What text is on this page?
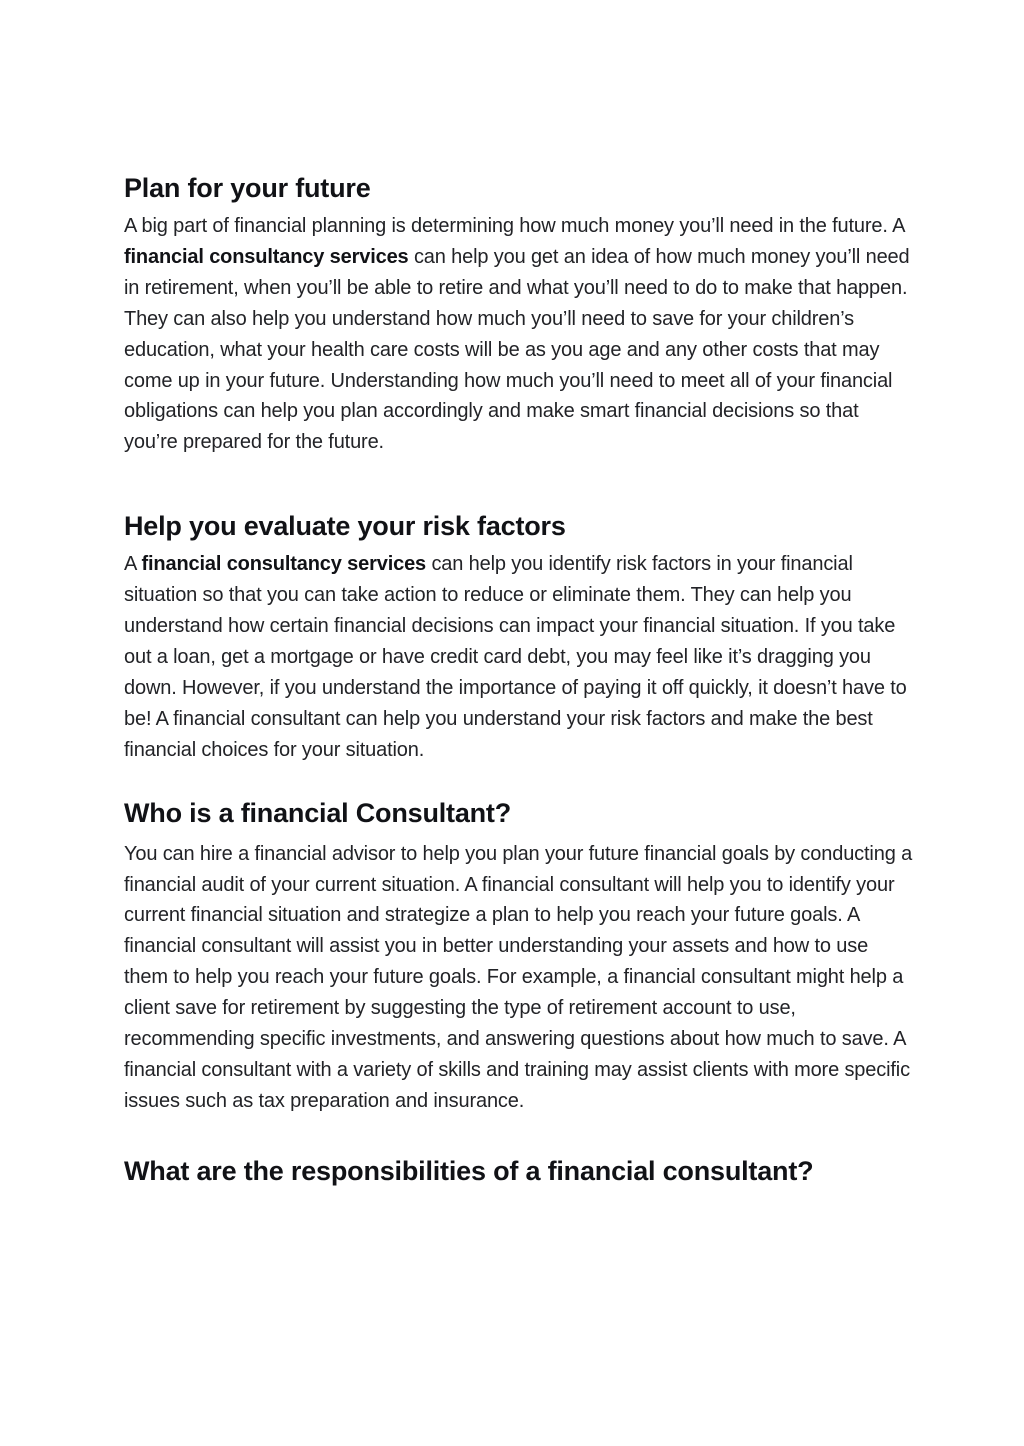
Plan for your future

A big part of financial planning is determining how much money you’ll need in the future. A financial consultancy services can help you get an idea of how much money you’ll need in retirement, when you’ll be able to retire and what you’ll need to do to make that happen. They can also help you understand how much you’ll need to save for your children’s education, what your health care costs will be as you age and any other costs that may come up in your future. Understanding how much you’ll need to meet all of your financial obligations can help you plan accordingly and make smart financial decisions so that you’re prepared for the future.

Help you evaluate your risk factors

A financial consultancy services can help you identify risk factors in your financial situation so that you can take action to reduce or eliminate them. They can help you understand how certain financial decisions can impact your financial situation. If you take out a loan, get a mortgage or have credit card debt, you may feel like it’s dragging you down. However, if you understand the importance of paying it off quickly, it doesn’t have to be! A financial consultant can help you understand your risk factors and make the best financial choices for your situation.

Who is a financial Consultant?

You can hire a financial advisor to help you plan your future financial goals by conducting a financial audit of your current situation. A financial consultant will help you to identify your current financial situation and strategize a plan to help you reach your future goals. A financial consultant will assist you in better understanding your assets and how to use them to help you reach your future goals. For example, a financial consultant might help a client save for retirement by suggesting the type of retirement account to use, recommending specific investments, and answering questions about how much to save. A financial consultant with a variety of skills and training may assist clients with more specific issues such as tax preparation and insurance.

What are the responsibilities of a financial consultant?
